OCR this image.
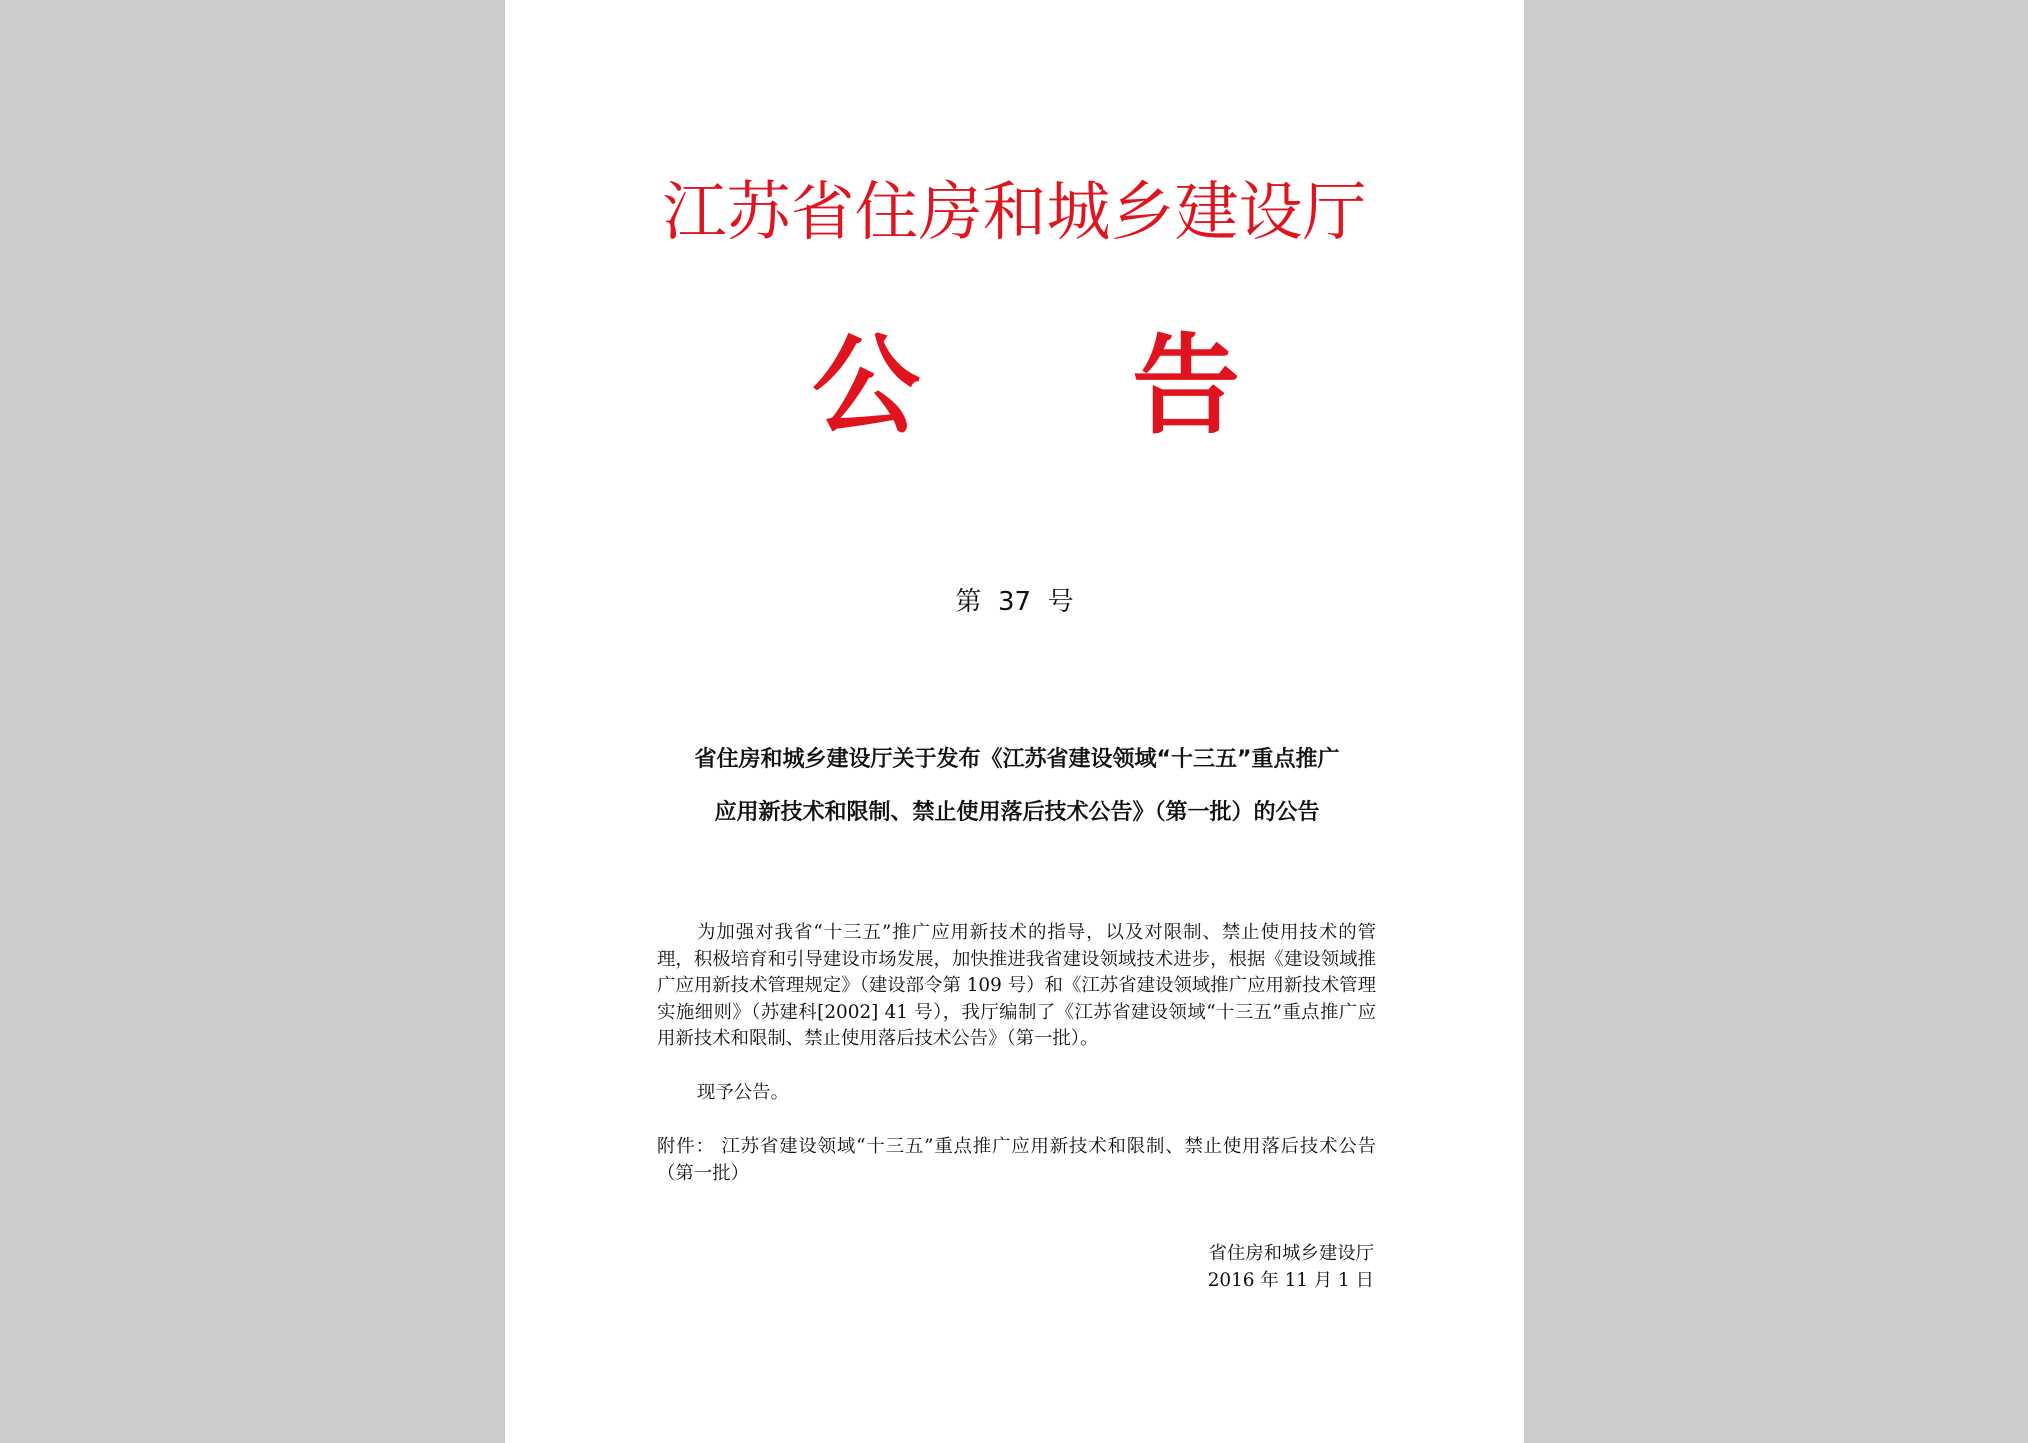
江苏省住房和城乡建设厅
公 告
第  37  号
省住房和城乡建设厅关于发布《江苏省建设领域“十三五”重点推广
应用新技术和限制、禁止使用落后技术公告》（第一批）的公告

为加强对我省“十三五”推广应用新技术的指导，以及对限制、禁止使用技术的管理，积极培育和引导建设市场发展，加快推进我省建设领域技术进步，根据《建设领域推广应用新技术管理规定》（建设部令第 109 号）和《江苏省建设领域推广应用新技术管理实施细则》（苏建科[2002] 41 号），我厅编制了《江苏省建设领域“十三五”重点推广应用新技术和限制、禁止使用落后技术公告》（第一批）。

现予公告。

附件： 江苏省建设领域“十三五”重点推广应用新技术和限制、禁止使用落后技术公告（第一批）

省住房和城乡建设厅
2016 年 11 月 1 日
